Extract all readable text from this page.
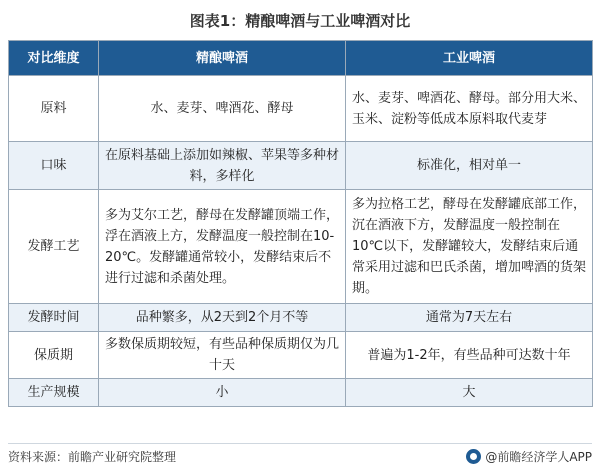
图表1：精酿啤酒与工业啤酒对比
对比维度	精酿啤酒	工业啤酒
原料	水、麦芽、啤酒花、酵母	水、麦芽、啤酒花、酵母。部分用大米、玉米、淀粉等低成本原料取代麦芽
口味	在原料基础上添加如辣椒、苹果等多种材料，多样化	标准化，相对单一
发酵工艺	多为艾尔工艺，酵母在发酵罐顶端工作，浮在酒液上方，发酵温度一般控制在10-20℃。发酵罐通常较小，发酵结束后不进行过滤和杀菌处理。	多为拉格工艺，酵母在发酵罐底部工作，沉在酒液下方，发酵温度一般控制在10℃以下，发酵罐较大，发酵结束后通常采用过滤和巴氏杀菌，增加啤酒的货架期。
发酵时间	品种繁多，从2天到2个月不等	通常为7天左右
保质期	多数保质期较短，有些品种保质期仅为几十天	普遍为1-2年，有些品种可达数十年
生产规模	小	大
资料来源：前瞻产业研究院整理	@前瞻经济学人APP
